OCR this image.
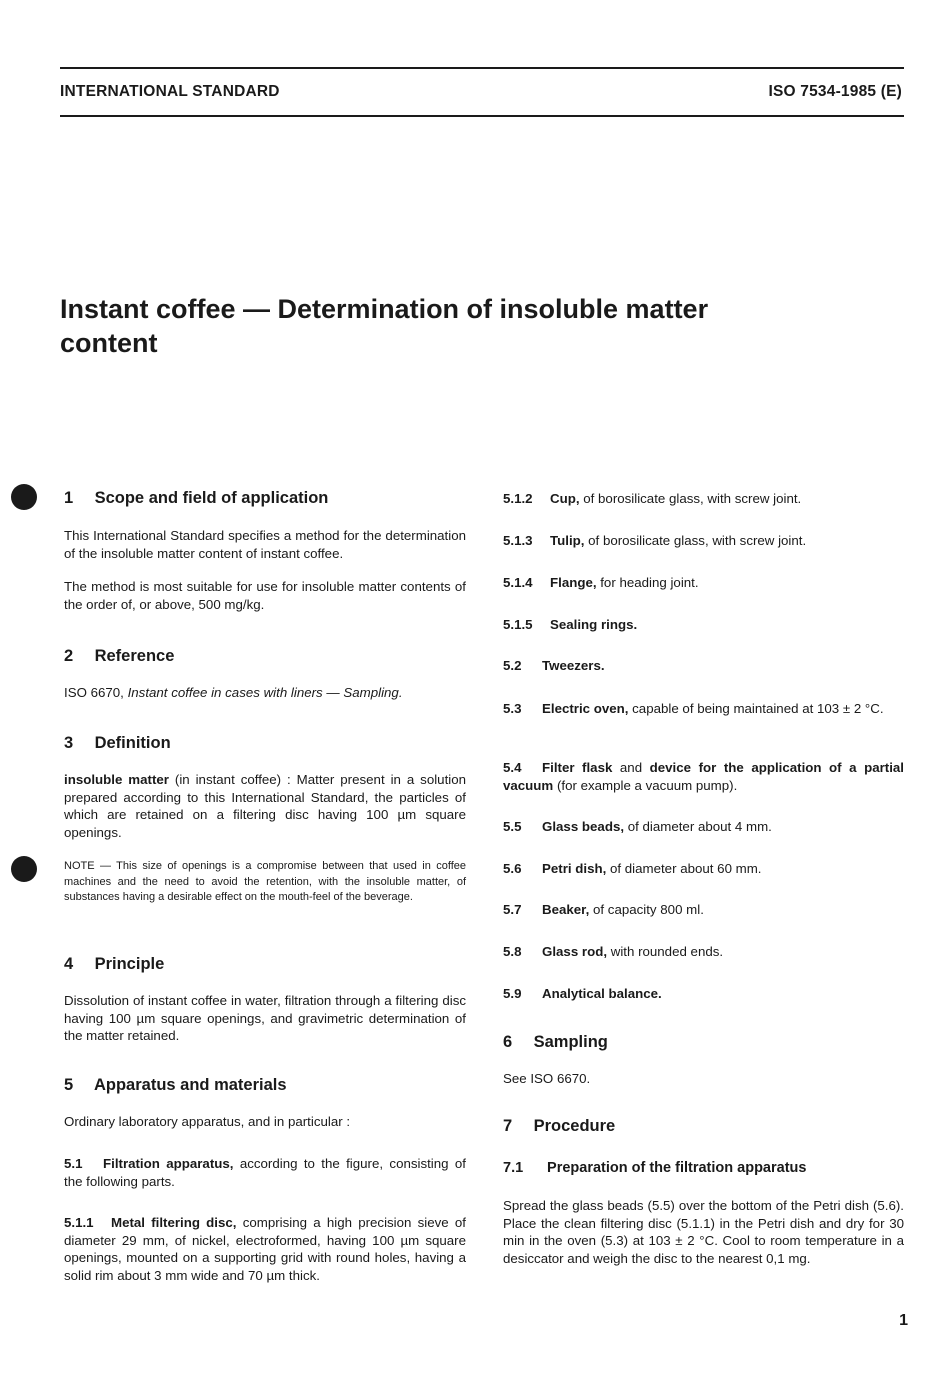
INTERNATIONAL STANDARD	ISO 7534-1985 (E)
Instant coffee — Determination of insoluble matter
content
1 Scope and field of application
This International Standard specifies a method for the determination of the insoluble matter content of instant coffee.
The method is most suitable for use for insoluble matter contents of the order of, or above, 500 mg/kg.
2 Reference
ISO 6670, Instant coffee in cases with liners — Sampling.
3 Definition
insoluble matter (in instant coffee) : Matter present in a solution prepared according to this International Standard, the particles of which are retained on a filtering disc having 100 µm square openings.
NOTE — This size of openings is a compromise between that used in coffee machines and the need to avoid the retention, with the insoluble matter, of substances having a desirable effect on the mouth-feel of the beverage.
4 Principle
Dissolution of instant coffee in water, filtration through a filtering disc having 100 µm square openings, and gravimetric determination of the matter retained.
5 Apparatus and materials
Ordinary laboratory apparatus, and in particular :
5.1 Filtration apparatus, according to the figure, consisting of the following parts.
5.1.1 Metal filtering disc, comprising a high precision sieve of diameter 29 mm, of nickel, electroformed, having 100 µm square openings, mounted on a supporting grid with round holes, having a solid rim about 3 mm wide and 70 µm thick.
5.1.2 Cup, of borosilicate glass, with screw joint.
5.1.3 Tulip, of borosilicate glass, with screw joint.
5.1.4 Flange, for heading joint.
5.1.5 Sealing rings.
5.2 Tweezers.
5.3 Electric oven, capable of being maintained at 103 ± 2 °C.
5.4 Filter flask and device for the application of a partial vacuum (for example a vacuum pump).
5.5 Glass beads, of diameter about 4 mm.
5.6 Petri dish, of diameter about 60 mm.
5.7 Beaker, of capacity 800 ml.
5.8 Glass rod, with rounded ends.
5.9 Analytical balance.
6 Sampling
See ISO 6670.
7 Procedure
7.1 Preparation of the filtration apparatus
Spread the glass beads (5.5) over the bottom of the Petri dish (5.6). Place the clean filtering disc (5.1.1) in the Petri dish and dry for 30 min in the oven (5.3) at 103 ± 2 °C. Cool to room temperature in a desiccator and weigh the disc to the nearest 0,1 mg.
1
